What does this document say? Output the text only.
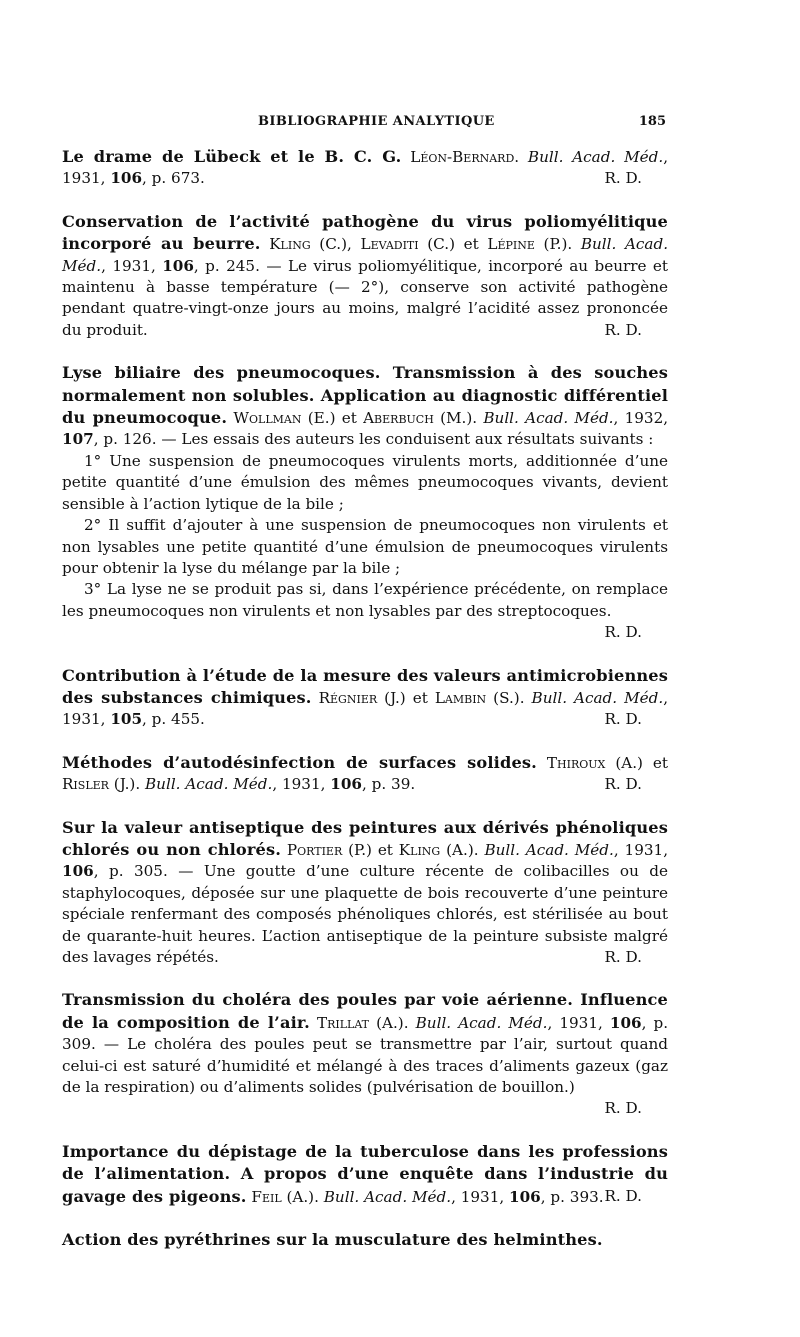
BIBLIOGRAPHIE ANALYTIQUE	185

Le drame de Lübeck et le B. C. G. Léon-Bernard. Bull. Acad. Méd., 1931, 106, p. 673.	R. D.

Conservation de l’activité pathogène du virus poliomyélitique incorporé au beurre. Kling (C.), Levaditi (C.) et Lépine (P.). Bull. Acad. Méd., 1931, 106, p. 245. — Le virus poliomyélitique, incorporé au beurre et maintenu à basse température (— 2°), conserve son activité pathogène pendant quatre-vingt-onze jours au moins, malgré l’acidité assez prononcée du produit.	R. D.

Lyse biliaire des pneumocoques. Transmission à des souches normalement non solubles. Application au diagnostic différentiel du pneumocoque. Wollman (E.) et Aberbuch (M.). Bull. Acad. Méd., 1932, 107, p. 126. — Les essais des auteurs les conduisent aux résultats suivants :

1° Une suspension de pneumocoques virulents morts, additionnée d’une petite quantité d’une émulsion des mêmes pneumocoques vivants, devient sensible à l’action lytique de la bile ;

2° Il suffit d’ajouter à une suspension de pneumocoques non virulents et non lysables une petite quantité d’une émulsion de pneumocoques virulents pour obtenir la lyse du mélange par la bile ;

3° La lyse ne se produit pas si, dans l’expérience précédente, on remplace les pneumocoques non virulents et non lysables par des streptocoques.

R. D.

Contribution à l’étude de la mesure des valeurs antimicrobiennes des substances chimiques. Régnier (J.) et Lambin (S.). Bull. Acad. Méd., 1931, 105, p. 455.	R. D.

Méthodes d’autodésinfection de surfaces solides. Thiroux (A.) et Risler (J.). Bull. Acad. Méd., 1931, 106, p. 39.	R. D.

Sur la valeur antiseptique des peintures aux dérivés phénoliques chlorés ou non chlorés. Portier (P.) et Kling (A.). Bull. Acad. Méd., 1931, 106, p. 305. — Une goutte d’une culture récente de colibacilles ou de staphylocoques, déposée sur une plaquette de bois recouverte d’une peinture spéciale renfermant des composés phénoliques chlorés, est stérilisée au bout de quarante-huit heures. L’action antiseptique de la peinture subsiste malgré des lavages répétés.	R. D.

Transmission du choléra des poules par voie aérienne. Influence de la composition de l’air. Trillat (A.). Bull. Acad. Méd., 1931, 106, p. 309. — Le choléra des poules peut se transmettre par l’air, surtout quand celui-ci est saturé d’humidité et mélangé à des traces d’aliments gazeux (gaz de la respiration) ou d’aliments solides (pulvérisation de bouillon.)

R. D.

Importance du dépistage de la tuberculose dans les professions de l’alimentation. A propos d’une enquête dans l’industrie du gavage des pigeons. Feil (A.). Bull. Acad. Méd., 1931, 106, p. 393. R. D.

Action des pyréthrines sur la musculature des helminthes.
